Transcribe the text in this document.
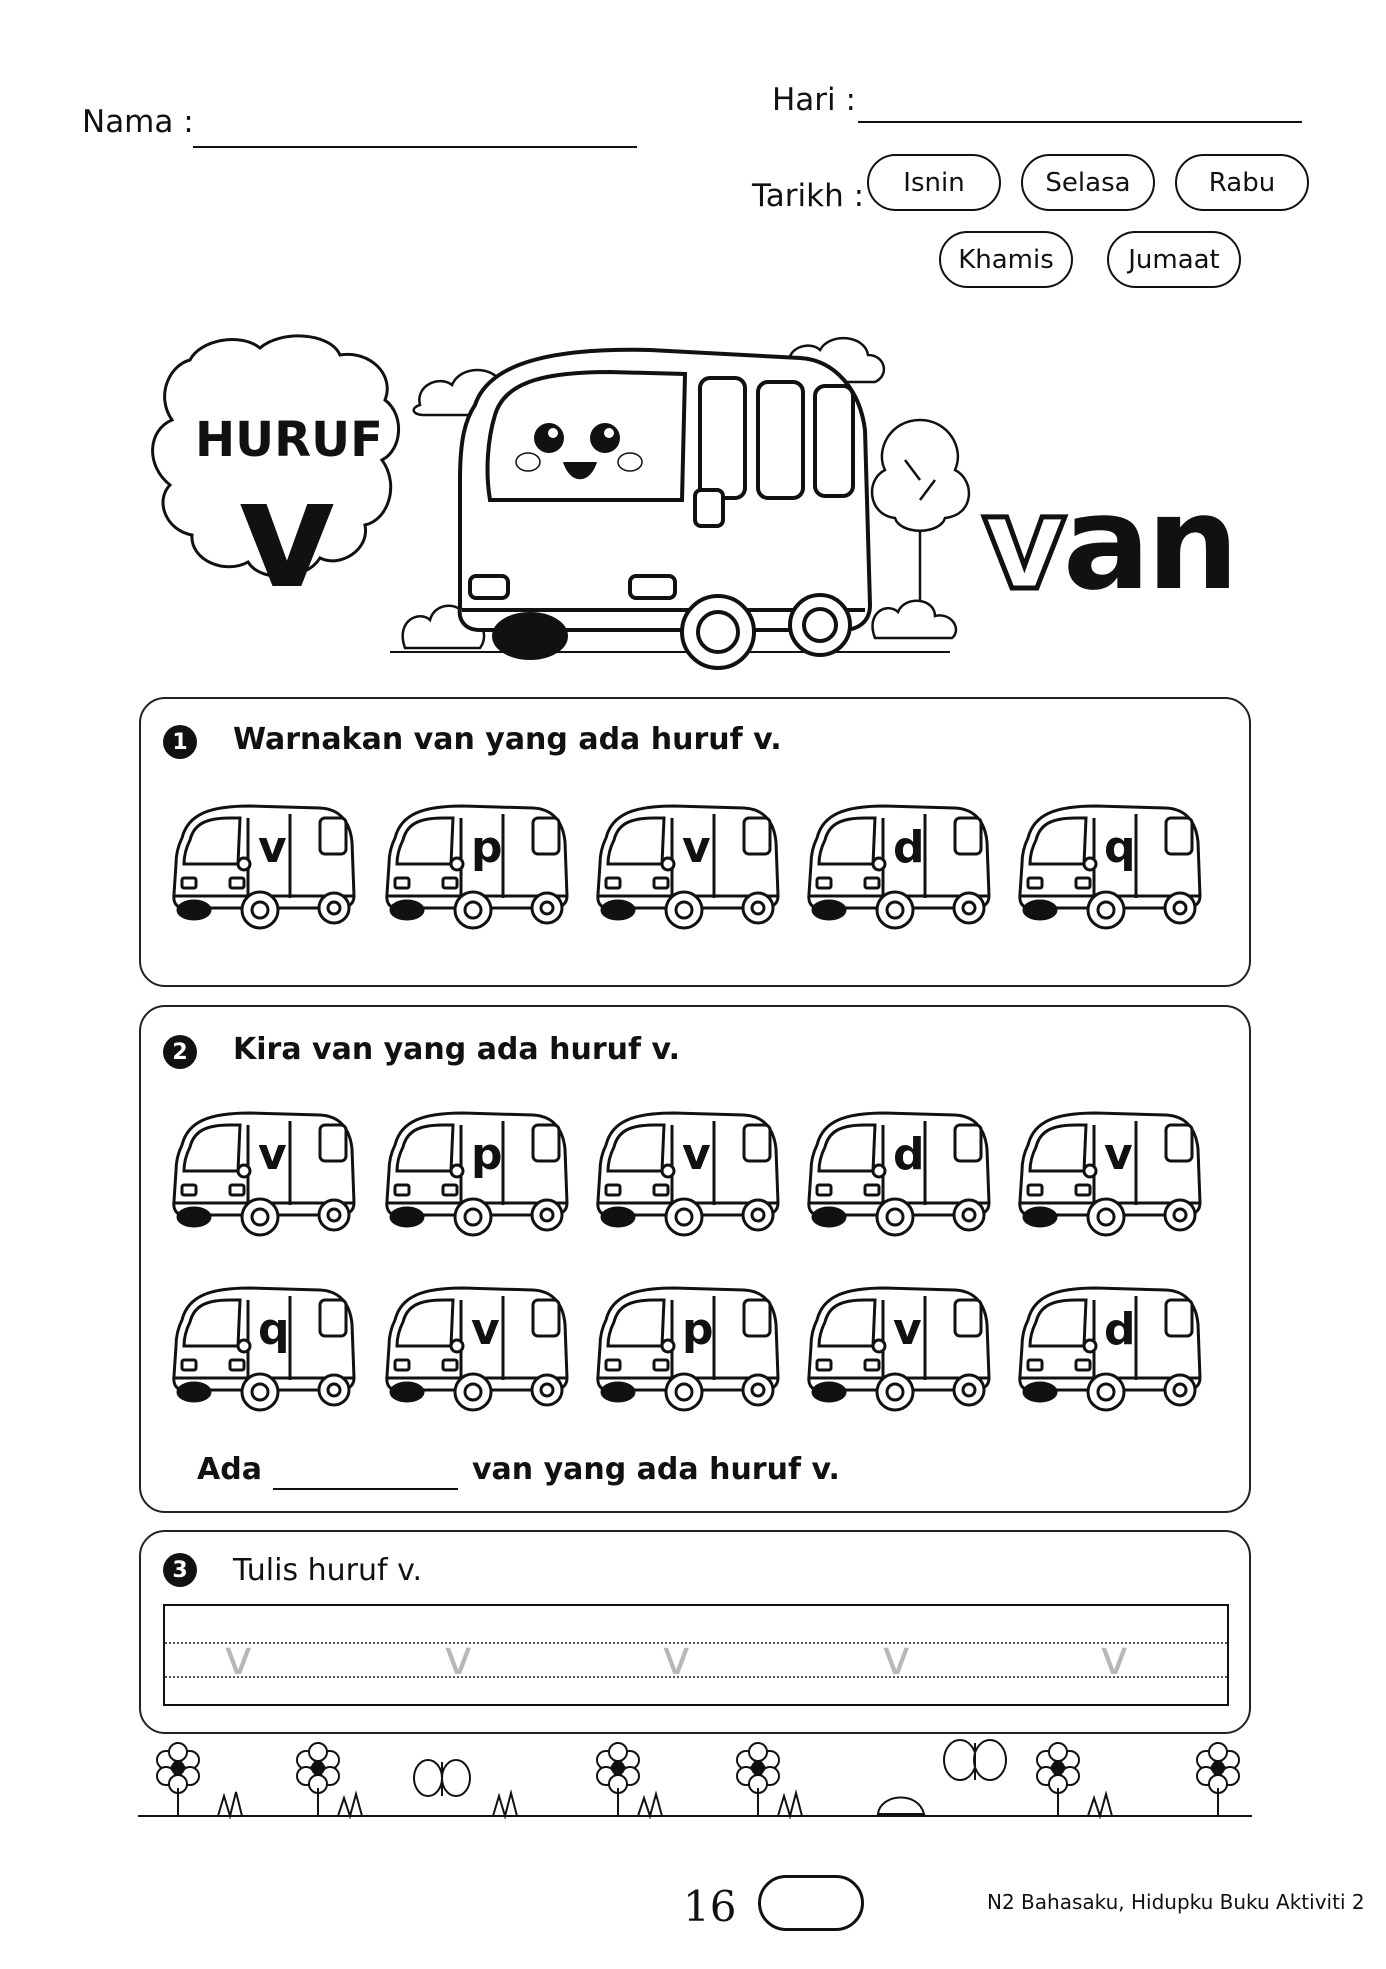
Nama :
Hari :
Tarikh :	Isnin	Selasa	Rabu
Khamis	Jumaat
HURUF
v	van
1	Warnakan van yang ada huruf v.
v	p	v	d	q
2	Kira van yang ada huruf v.
v	p	v	d	v
q	v	p	v	d
Ada	van yang ada huruf v.
3	Tulis huruf v.
v	v	v	v	v
16	N2 Bahasaku, Hidupku Buku Aktiviti 2
